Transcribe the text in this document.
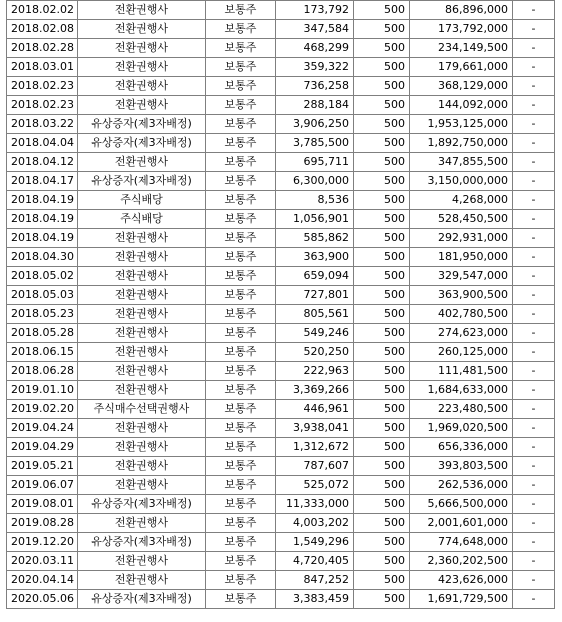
2018.02.02	전환권행사	보통주	173,792	500	86,896,000	-
2018.02.08	전환권행사	보통주	347,584	500	173,792,000	-
2018.02.28	전환권행사	보통주	468,299	500	234,149,500	-
2018.03.01	전환권행사	보통주	359,322	500	179,661,000	-
2018.02.23	전환권행사	보통주	736,258	500	368,129,000	-
2018.02.23	전환권행사	보통주	288,184	500	144,092,000	-
2018.03.22	유상증자(제3자배정)	보통주	3,906,250	500	1,953,125,000	-
2018.04.04	유상증자(제3자배정)	보통주	3,785,500	500	1,892,750,000	-
2018.04.12	전환권행사	보통주	695,711	500	347,855,500	-
2018.04.17	유상증자(제3자배정)	보통주	6,300,000	500	3,150,000,000	-
2018.04.19	주식배당	보통주	8,536	500	4,268,000	-
2018.04.19	주식배당	보통주	1,056,901	500	528,450,500	-
2018.04.19	전환권행사	보통주	585,862	500	292,931,000	-
2018.04.30	전환권행사	보통주	363,900	500	181,950,000	-
2018.05.02	전환권행사	보통주	659,094	500	329,547,000	-
2018.05.03	전환권행사	보통주	727,801	500	363,900,500	-
2018.05.23	전환권행사	보통주	805,561	500	402,780,500	-
2018.05.28	전환권행사	보통주	549,246	500	274,623,000	-
2018.06.15	전환권행사	보통주	520,250	500	260,125,000	-
2018.06.28	전환권행사	보통주	222,963	500	111,481,500	-
2019.01.10	전환권행사	보통주	3,369,266	500	1,684,633,000	-
2019.02.20	주식매수선택권행사	보통주	446,961	500	223,480,500	-
2019.04.24	전환권행사	보통주	3,938,041	500	1,969,020,500	-
2019.04.29	전환권행사	보통주	1,312,672	500	656,336,000	-
2019.05.21	전환권행사	보통주	787,607	500	393,803,500	-
2019.06.07	전환권행사	보통주	525,072	500	262,536,000	-
2019.08.01	유상증자(제3자배정)	보통주	11,333,000	500	5,666,500,000	-
2019.08.28	전환권행사	보통주	4,003,202	500	2,001,601,000	-
2019.12.20	유상증자(제3자배정)	보통주	1,549,296	500	774,648,000	-
2020.03.11	전환권행사	보통주	4,720,405	500	2,360,202,500	-
2020.04.14	전환권행사	보통주	847,252	500	423,626,000	-
2020.05.06	유상증자(제3자배정)	보통주	3,383,459	500	1,691,729,500	-
